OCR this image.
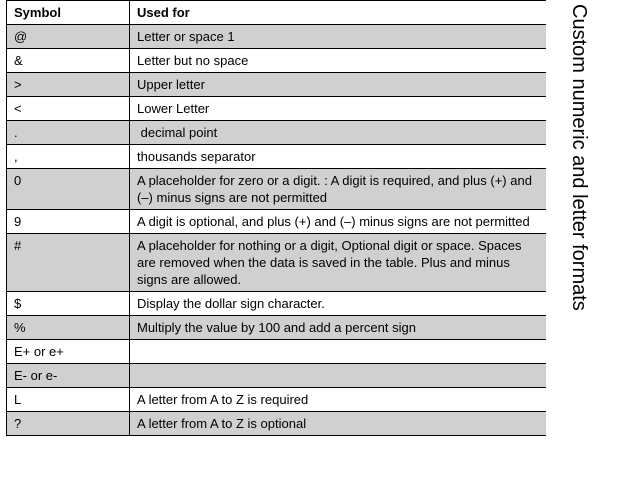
Symbol	Used for
@	Letter or space 1
&	Letter but no space
>	Upper letter
<	Lower Letter
.	decimal point
,	thousands separator
0	A placeholder for zero or a digit. : A digit is required, and plus (+) and (–) minus signs are not permitted
9	A digit is optional, and plus (+) and (–) minus signs are not permitted
#	A placeholder for nothing or a digit, Optional digit or space. Spaces are removed when the data is saved in the table. Plus and minus signs are allowed.
$	Display the dollar sign character.
%	Multiply the value by 100 and add a percent sign
E+ or e+	
E- or e-	
L	A letter from A to Z is required
?	A letter from A to Z is optional
Custom numeric and letter formats
